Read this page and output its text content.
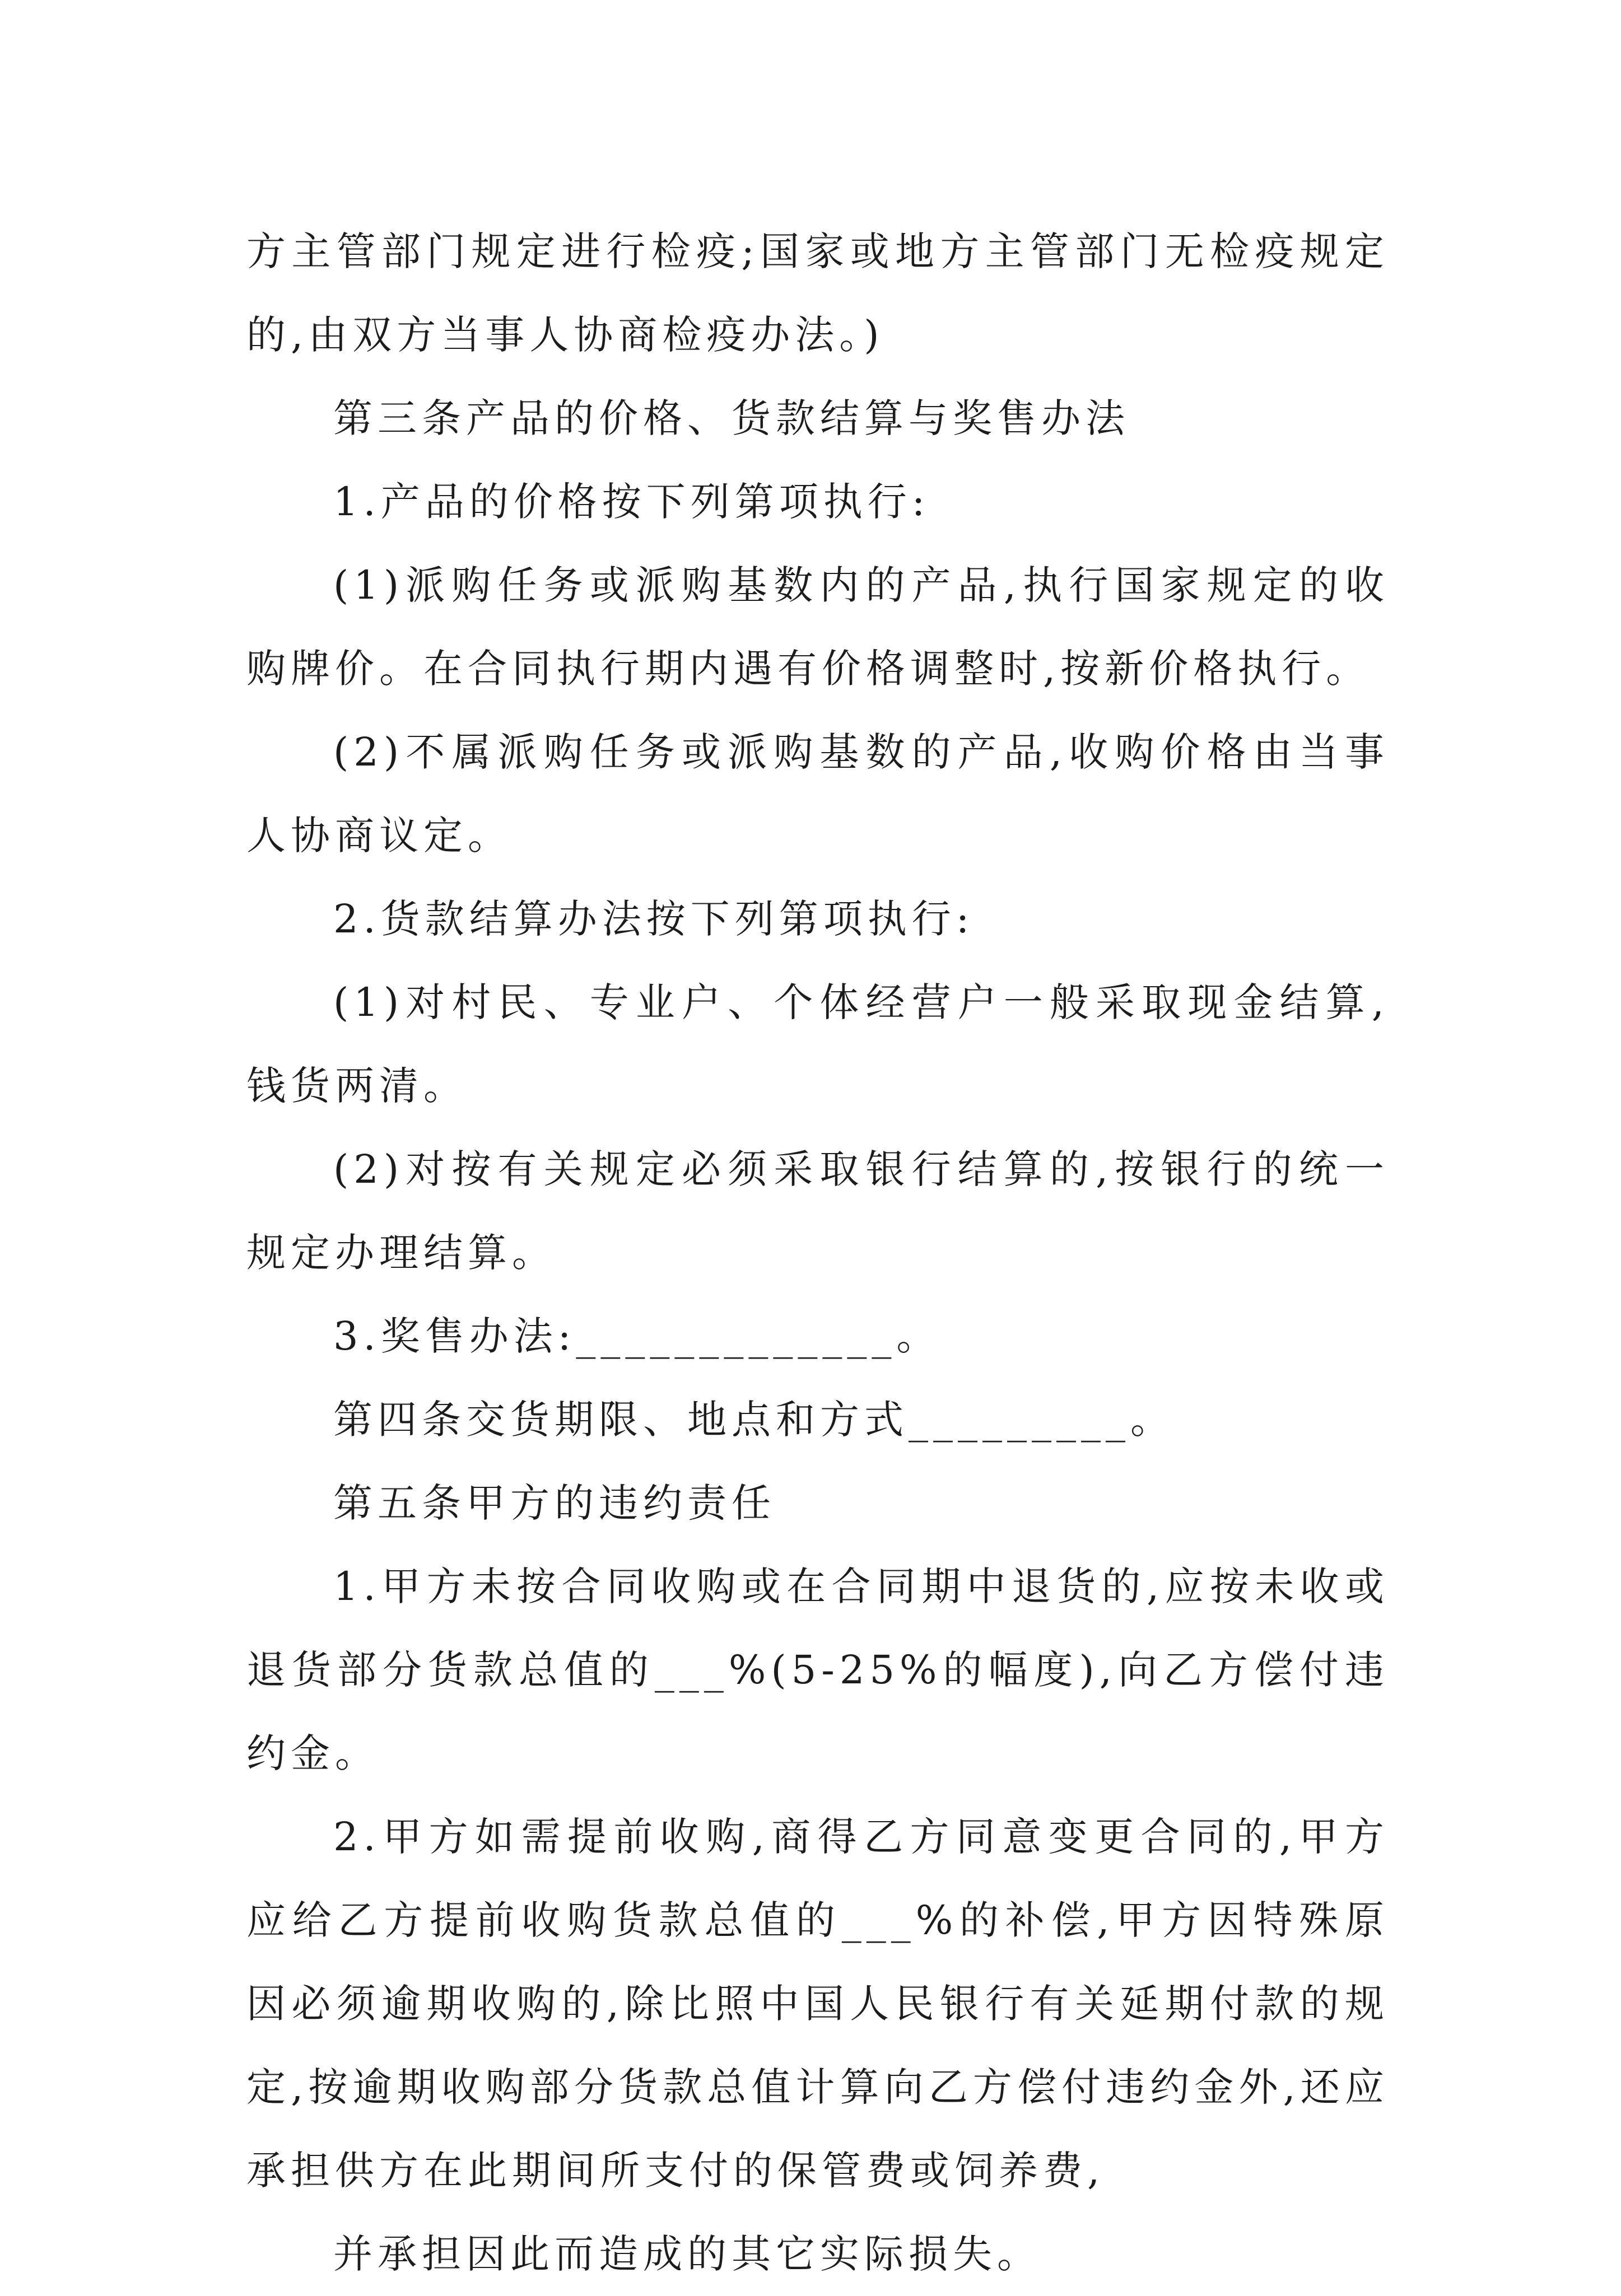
方主管部门规定进行检疫;国家或地方主管部门无检疫规定的,由双方当事人协商检疫办法。)

第三条产品的价格、货款结算与奖售办法

1.产品的价格按下列第项执行:

(1)派购任务或派购基数内的产品,执行国家规定的收购牌价。在合同执行期内遇有价格调整时,按新价格执行。

(2)不属派购任务或派购基数的产品,收购价格由当事人协商议定。

2.货款结算办法按下列第项执行:

(1)对村民、专业户、个体经营户一般采取现金结算,钱货两清。

(2)对按有关规定必须采取银行结算的,按银行的统一规定办理结算。

3.奖售办法:_____________。

第四条交货期限、地点和方式_________。

第五条甲方的违约责任

1.甲方未按合同收购或在合同期中退货的,应按未收或退货部分货款总值的___%(5-25%的幅度),向乙方偿付违约金。

2.甲方如需提前收购,商得乙方同意变更合同的,甲方应给乙方提前收购货款总值的___%的补偿,甲方因特殊原因必须逾期收购的,除比照中国人民银行有关延期付款的规定,按逾期收购部分货款总值计算向乙方偿付违约金外,还应承担供方在此期间所支付的保管费或饲养费,

并承担因此而造成的其它实际损失。
